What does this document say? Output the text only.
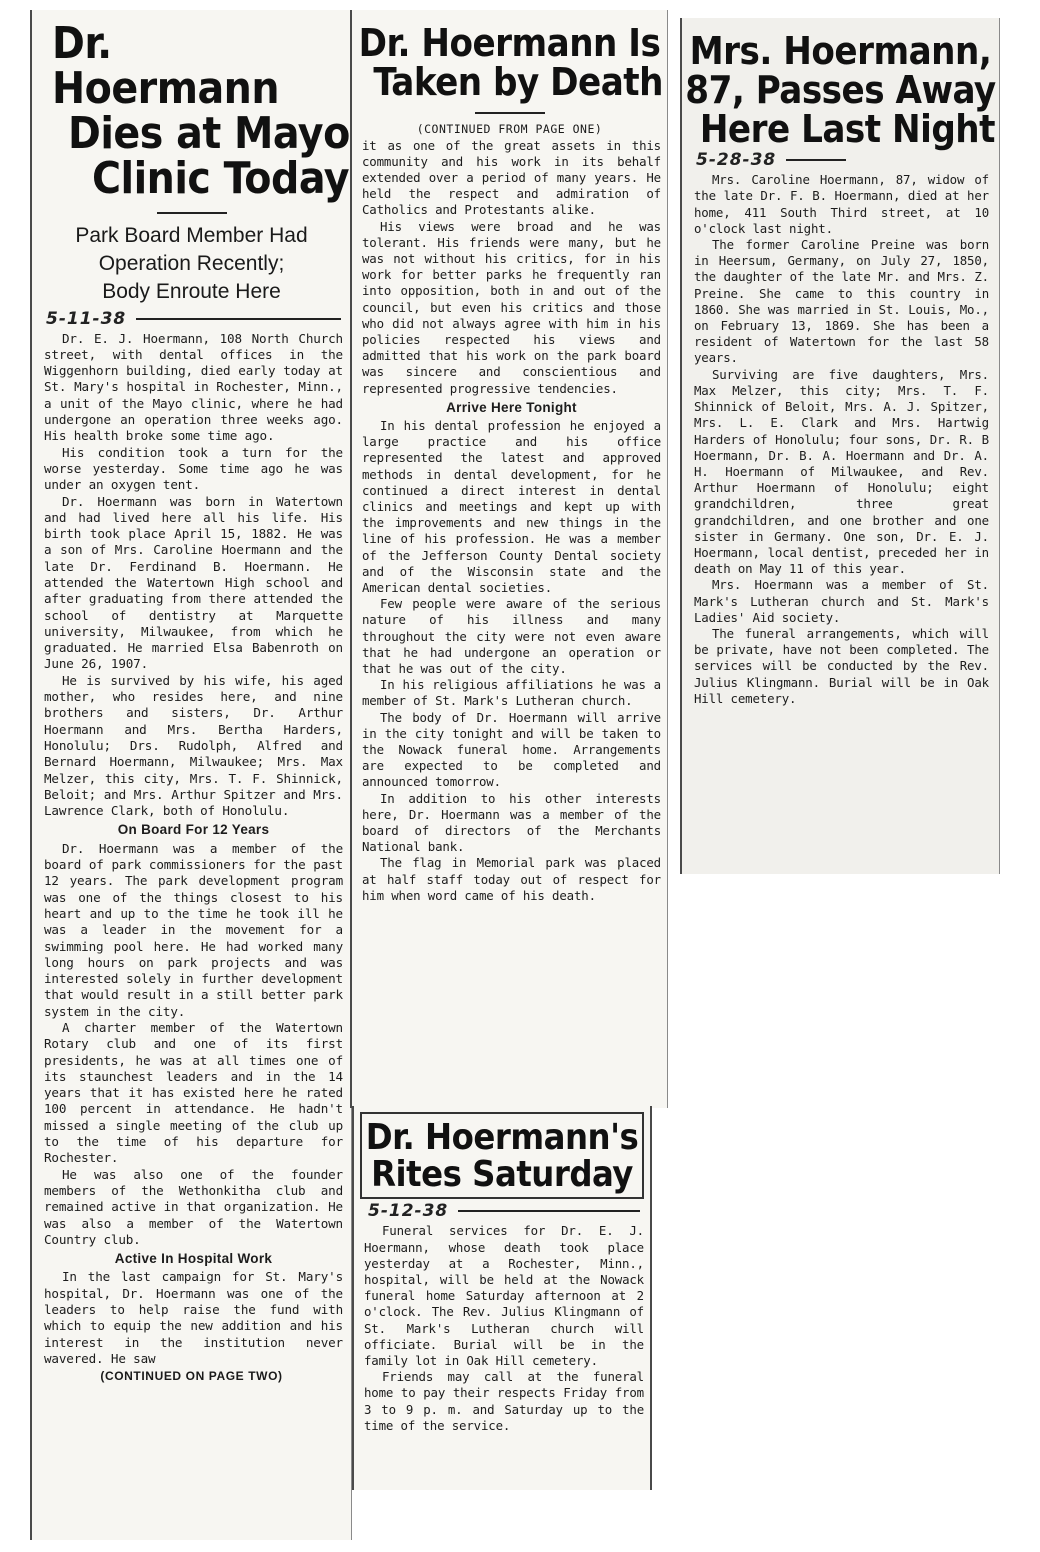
Dr. Hoermann
Dies at Mayo
Clinic Today
Park Board Member Had
Operation Recently;
Body Enroute Here
5-11-38

Dr. E. J. Hoermann, 108 North Church street, with dental offices in the Wiggenhorn building, died early today at St. Mary's hospital in Rochester, Minn., a unit of the Mayo clinic, where he had undergone an operation three weeks ago. His health broke some time ago.

His condition took a turn for the worse yesterday. Some time ago he was under an oxygen tent.

Dr. Hoermann was born in Watertown and had lived here all his life. His birth took place April 15, 1882. He was a son of Mrs. Caroline Hoermann and the late Dr. Ferdinand B. Hoermann. He attended the Watertown High school and after graduating from there attended the school of dentistry at Marquette university, Milwaukee, from which he graduated. He married Elsa Babenroth on June 26, 1907.

He is survived by his wife, his aged mother, who resides here, and nine brothers and sisters, Dr. Arthur Hoermann and Mrs. Bertha Harders, Honolulu; Drs. Rudolph, Alfred and Bernard Hoermann, Milwaukee; Mrs. Max Melzer, this city, Mrs. T. F. Shinnick, Beloit; and Mrs. Arthur Spitzer and Mrs. Lawrence Clark, both of Honolulu.

On Board For 12 Years

Dr. Hoermann was a member of the board of park commissioners for the past 12 years. The park development program was one of the things closest to his heart and up to the time he took ill he was a leader in the movement for a swimming pool here. He had worked many long hours on park projects and was interested solely in further development that would result in a still better park system in the city.

A charter member of the Watertown Rotary club and one of its first presidents, he was at all times one of its staunchest leaders and in the 14 years that it has existed here he rated 100 percent in attendance. He hadn't missed a single meeting of the club up to the time of his departure for Rochester.

He was also one of the founder members of the Wethonkitha club and remained active in that organization. He was also a member of the Watertown Country club.

Active In Hospital Work

In the last campaign for St. Mary's hospital, Dr. Hoermann was one of the leaders to help raise the fund with which to equip the new addition and his interest in the institution never wavered. He saw

(CONTINUED ON PAGE TWO)
Dr. Hoermann Is
Taken by Death
(CONTINUED FROM PAGE ONE)

it as one of the great assets in this community and his work in its behalf extended over a period of many years. He held the respect and admiration of Catholics and Protestants alike.

His views were broad and he was tolerant. His friends were many, but he was not without his critics, for in his work for better parks he frequently ran into opposition, both in and out of the council, but even his critics and those who did not always agree with him in his policies respected his views and admitted that his work on the park board was sincere and conscientious and represented progressive tendencies.

Arrive Here Tonight

In his dental profession he enjoyed a large practice and his office represented the latest and approved methods in dental development, for he continued a direct interest in dental clinics and meetings and kept up with the improvements and new things in the line of his profession. He was a member of the Jefferson County Dental society and of the Wisconsin state and the American dental societies.

Few people were aware of the serious nature of his illness and many throughout the city were not even aware that he had undergone an operation or that he was out of the city.

In his religious affiliations he was a member of St. Mark's Lutheran church.

The body of Dr. Hoermann will arrive in the city tonight and will be taken to the Nowack funeral home. Arrangements are expected to be completed and announced tomorrow.

In addition to his other interests here, Dr. Hoermann was a member of the board of directors of the Merchants National bank.

The flag in Memorial park was placed at half staff today out of respect for him when word came of his death.

Dr. Hoermann's
Rites Saturday
5-12-38

Funeral services for Dr. E. J. Hoermann, whose death took place yesterday at a Rochester, Minn., hospital, will be held at the Nowack funeral home Saturday afternoon at 2 o'clock. The Rev. Julius Klingmann of St. Mark's Lutheran church will officiate. Burial will be in the family lot in Oak Hill cemetery.

Friends may call at the funeral home to pay their respects Friday from 3 to 9 p. m. and Saturday up to the time of the service.

Mrs. Hoermann,
87, Passes Away
Here Last Night
5-28-38

Mrs. Caroline Hoermann, 87, widow of the late Dr. F. B. Hoermann, died at her home, 411 South Third street, at 10 o'clock last night.

The former Caroline Preine was born in Heersum, Germany, on July 27, 1850, the daughter of the late Mr. and Mrs. Z. Preine. She came to this country in 1860. She was married in St. Louis, Mo., on February 13, 1869. She has been a resident of Watertown for the last 58 years.

Surviving are five daughters, Mrs. Max Melzer, this city; Mrs. T. F. Shinnick of Beloit, Mrs. A. J. Spitzer, Mrs. L. E. Clark and Mrs. Hartwig Harders of Honolulu; four sons, Dr. R. B Hoermann, Dr. B. A. Hoermann and Dr. A. H. Hoermann of Milwaukee, and Rev. Arthur Hoermann of Honolulu; eight grandchildren, three great grandchildren, and one brother and one sister in Germany. One son, Dr. E. J. Hoermann, local dentist, preceded her in death on May 11 of this year.

Mrs. Hoermann was a member of St. Mark's Lutheran church and St. Mark's Ladies' Aid society.

The funeral arrangements, which will be private, have not been completed. The services will be conducted by the Rev. Julius Klingmann. Burial will be in Oak Hill cemetery.
